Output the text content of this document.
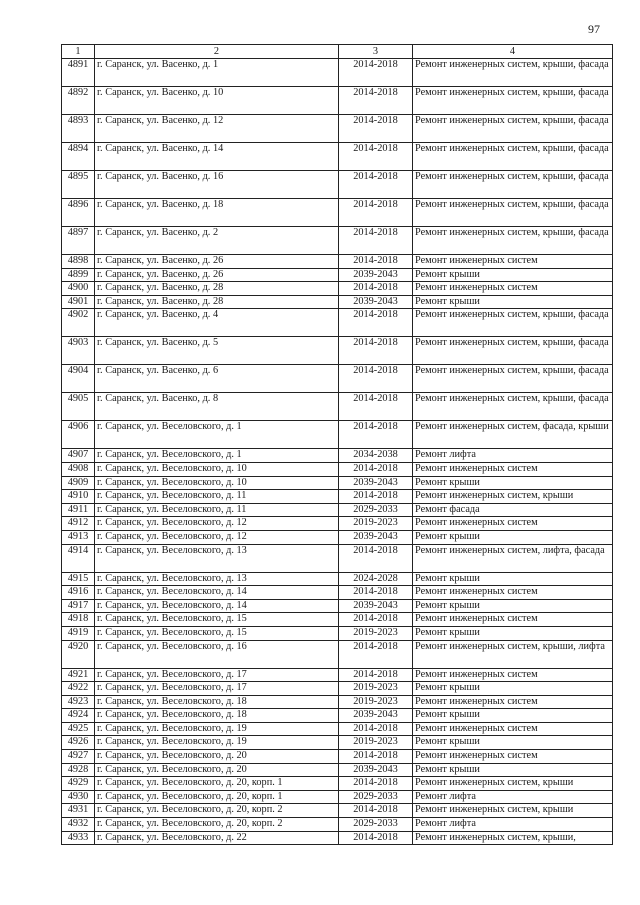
97
1	2	3	4
4891	г. Саранск, ул. Васенко, д. 1	2014-2018	Ремонт инженерных систем, крыши, фасада
4892	г. Саранск, ул. Васенко, д. 10	2014-2018	Ремонт инженерных систем, крыши, фасада
4893	г. Саранск, ул. Васенко, д. 12	2014-2018	Ремонт инженерных систем, крыши, фасада
4894	г. Саранск, ул. Васенко, д. 14	2014-2018	Ремонт инженерных систем, крыши, фасада
4895	г. Саранск, ул. Васенко, д. 16	2014-2018	Ремонт инженерных систем, крыши, фасада
4896	г. Саранск, ул. Васенко, д. 18	2014-2018	Ремонт инженерных систем, крыши, фасада
4897	г. Саранск, ул. Васенко, д. 2	2014-2018	Ремонт инженерных систем, крыши, фасада
4898	г. Саранск, ул. Васенко, д. 26	2014-2018	Ремонт инженерных систем
4899	г. Саранск, ул. Васенко, д. 26	2039-2043	Ремонт крыши
4900	г. Саранск, ул. Васенко, д. 28	2014-2018	Ремонт инженерных систем
4901	г. Саранск, ул. Васенко, д. 28	2039-2043	Ремонт крыши
4902	г. Саранск, ул. Васенко, д. 4	2014-2018	Ремонт инженерных систем, крыши, фасада
4903	г. Саранск, ул. Васенко, д. 5	2014-2018	Ремонт инженерных систем, крыши, фасада
4904	г. Саранск, ул. Васенко, д. 6	2014-2018	Ремонт инженерных систем, крыши, фасада
4905	г. Саранск, ул. Васенко, д. 8	2014-2018	Ремонт инженерных систем, крыши, фасада
4906	г. Саранск, ул. Веселовского, д. 1	2014-2018	Ремонт инженерных систем, фасада, крыши
4907	г. Саранск, ул. Веселовского, д. 1	2034-2038	Ремонт лифта
4908	г. Саранск, ул. Веселовского, д. 10	2014-2018	Ремонт инженерных систем
4909	г. Саранск, ул. Веселовского, д. 10	2039-2043	Ремонт крыши
4910	г. Саранск, ул. Веселовского, д. 11	2014-2018	Ремонт инженерных систем, крыши
4911	г. Саранск, ул. Веселовского, д. 11	2029-2033	Ремонт фасада
4912	г. Саранск, ул. Веселовского, д. 12	2019-2023	Ремонт инженерных систем
4913	г. Саранск, ул. Веселовского, д. 12	2039-2043	Ремонт крыши
4914	г. Саранск, ул. Веселовского, д. 13	2014-2018	Ремонт инженерных систем, лифта, фасада
4915	г. Саранск, ул. Веселовского, д. 13	2024-2028	Ремонт крыши
4916	г. Саранск, ул. Веселовского, д. 14	2014-2018	Ремонт инженерных систем
4917	г. Саранск, ул. Веселовского, д. 14	2039-2043	Ремонт крыши
4918	г. Саранск, ул. Веселовского, д. 15	2014-2018	Ремонт инженерных систем
4919	г. Саранск, ул. Веселовского, д. 15	2019-2023	Ремонт крыши
4920	г. Саранск, ул. Веселовского, д. 16	2014-2018	Ремонт инженерных систем, крыши, лифта
4921	г. Саранск, ул. Веселовского, д. 17	2014-2018	Ремонт инженерных систем
4922	г. Саранск, ул. Веселовского, д. 17	2019-2023	Ремонт крыши
4923	г. Саранск, ул. Веселовского, д. 18	2019-2023	Ремонт инженерных систем
4924	г. Саранск, ул. Веселовского, д. 18	2039-2043	Ремонт крыши
4925	г. Саранск, ул. Веселовского, д. 19	2014-2018	Ремонт инженерных систем
4926	г. Саранск, ул. Веселовского, д. 19	2019-2023	Ремонт крыши
4927	г. Саранск, ул. Веселовского, д. 20	2014-2018	Ремонт инженерных систем
4928	г. Саранск, ул. Веселовского, д. 20	2039-2043	Ремонт крыши
4929	г. Саранск, ул. Веселовского, д. 20, корп. 1	2014-2018	Ремонт инженерных систем, крыши
4930	г. Саранск, ул. Веселовского, д. 20, корп. 1	2029-2033	Ремонт лифта
4931	г. Саранск, ул. Веселовского, д. 20, корп. 2	2014-2018	Ремонт инженерных систем, крыши
4932	г. Саранск, ул. Веселовского, д. 20, корп. 2	2029-2033	Ремонт лифта
4933	г. Саранск, ул. Веселовского, д. 22	2014-2018	Ремонт инженерных систем, крыши,
